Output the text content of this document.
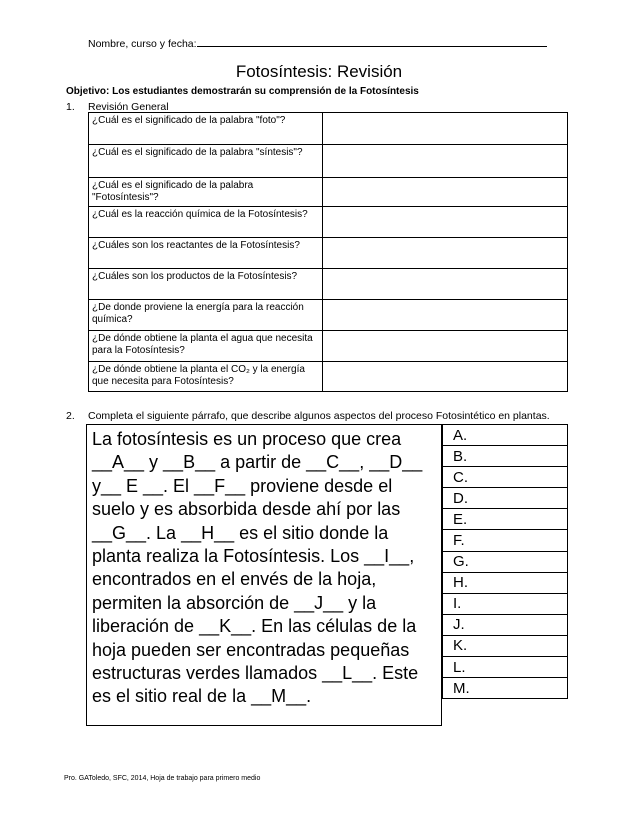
Nombre, curso y fecha:
Fotosíntesis: Revisión
Objetivo: Los estudiantes demostrarán su comprensión de la Fotosíntesis
1. Revisión General
¿Cuál es el significado de la palabra "foto"?	
¿Cuál es el significado de la palabra "síntesis"?	
¿Cuál es el significado de la palabra "Fotosíntesis"?	
¿Cuál es la reacción química de la Fotosíntesis?	
¿Cuáles son los reactantes de la Fotosíntesis?	
¿Cuáles son los productos de la Fotosíntesis?	
¿De donde proviene la energía para la reacción química?	
¿De dónde obtiene la planta el agua que necesita para la Fotosíntesis?	
¿De dónde obtiene la planta el CO₂ y la energía que necesita para Fotosíntesis?	
2. Completa el siguiente párrafo, que describe algunos aspectos del proceso Fotosintético en plantas.
La fotosíntesis es un proceso que crea __A__ y __B__ a partir de __C__, __D__ y__ E __. El __F__ proviene desde el suelo y es absorbida desde ahí por las __G__. La __H__ es el sitio donde la planta realiza la Fotosíntesis. Los __I__, encontrados en el envés de la hoja, permiten la absorción de __J__ y la liberación de __K__. En las células de la hoja pueden ser encontradas pequeñas estructuras verdes llamados __L__. Este es el sitio real de la __M__.
A.
B.
C.
D.
E.
F.
G.
H.
I.
J.
K.
L.
M.
Pro. GAToledo, SFC, 2014, Hoja de trabajo para primero medio
